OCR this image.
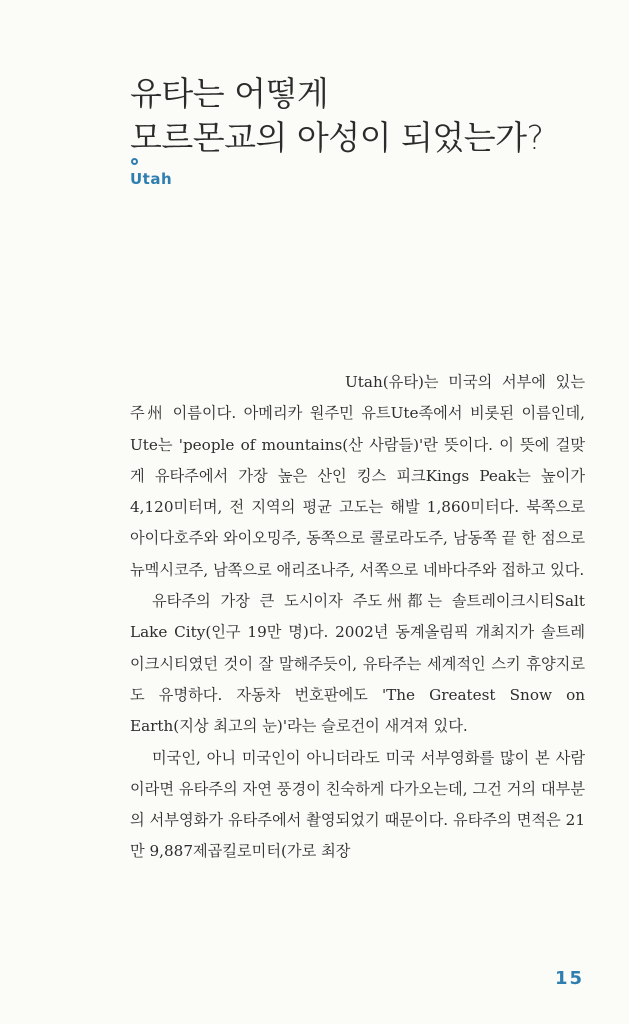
유타는 어떻게
모르몬교의 아성이 되었는가?
Utah

Utah(유타)는 미국의 서부에 있는 주州 이름이다. 아메리카 원주민 유트Ute족에서 비롯된 이름인데, Ute는 'people of mountains(산 사람들)'란 뜻이다. 이 뜻에 걸맞게 유타주에서 가장 높은 산인 킹스 피크Kings Peak는 높이가 4,120미터며, 전 지역의 평균 고도는 해발 1,860미터다. 북쪽으로 아이다호주와 와이오밍주, 동쪽으로 콜로라도주, 남동쪽 끝 한 점으로 뉴멕시코주, 남쪽으로 애리조나주, 서쪽으로 네바다주와 접하고 있다.

유타주의 가장 큰 도시이자 주도州都는 솔트레이크시티Salt Lake City(인구 19만 명)다. 2002년 동계올림픽 개최지가 솔트레이크시티였던 것이 잘 말해주듯이, 유타주는 세계적인 스키 휴양지로도 유명하다. 자동차 번호판에도 'The Greatest Snow on Earth(지상 최고의 눈)'라는 슬로건이 새겨져 있다.

미국인, 아니 미국인이 아니더라도 미국 서부영화를 많이 본 사람이라면 유타주의 자연 풍경이 친숙하게 다가오는데, 그건 거의 대부분의 서부영화가 유타주에서 촬영되었기 때문이다. 유타주의 면적은 21만 9,887제곱킬로미터(가로 최장

15
